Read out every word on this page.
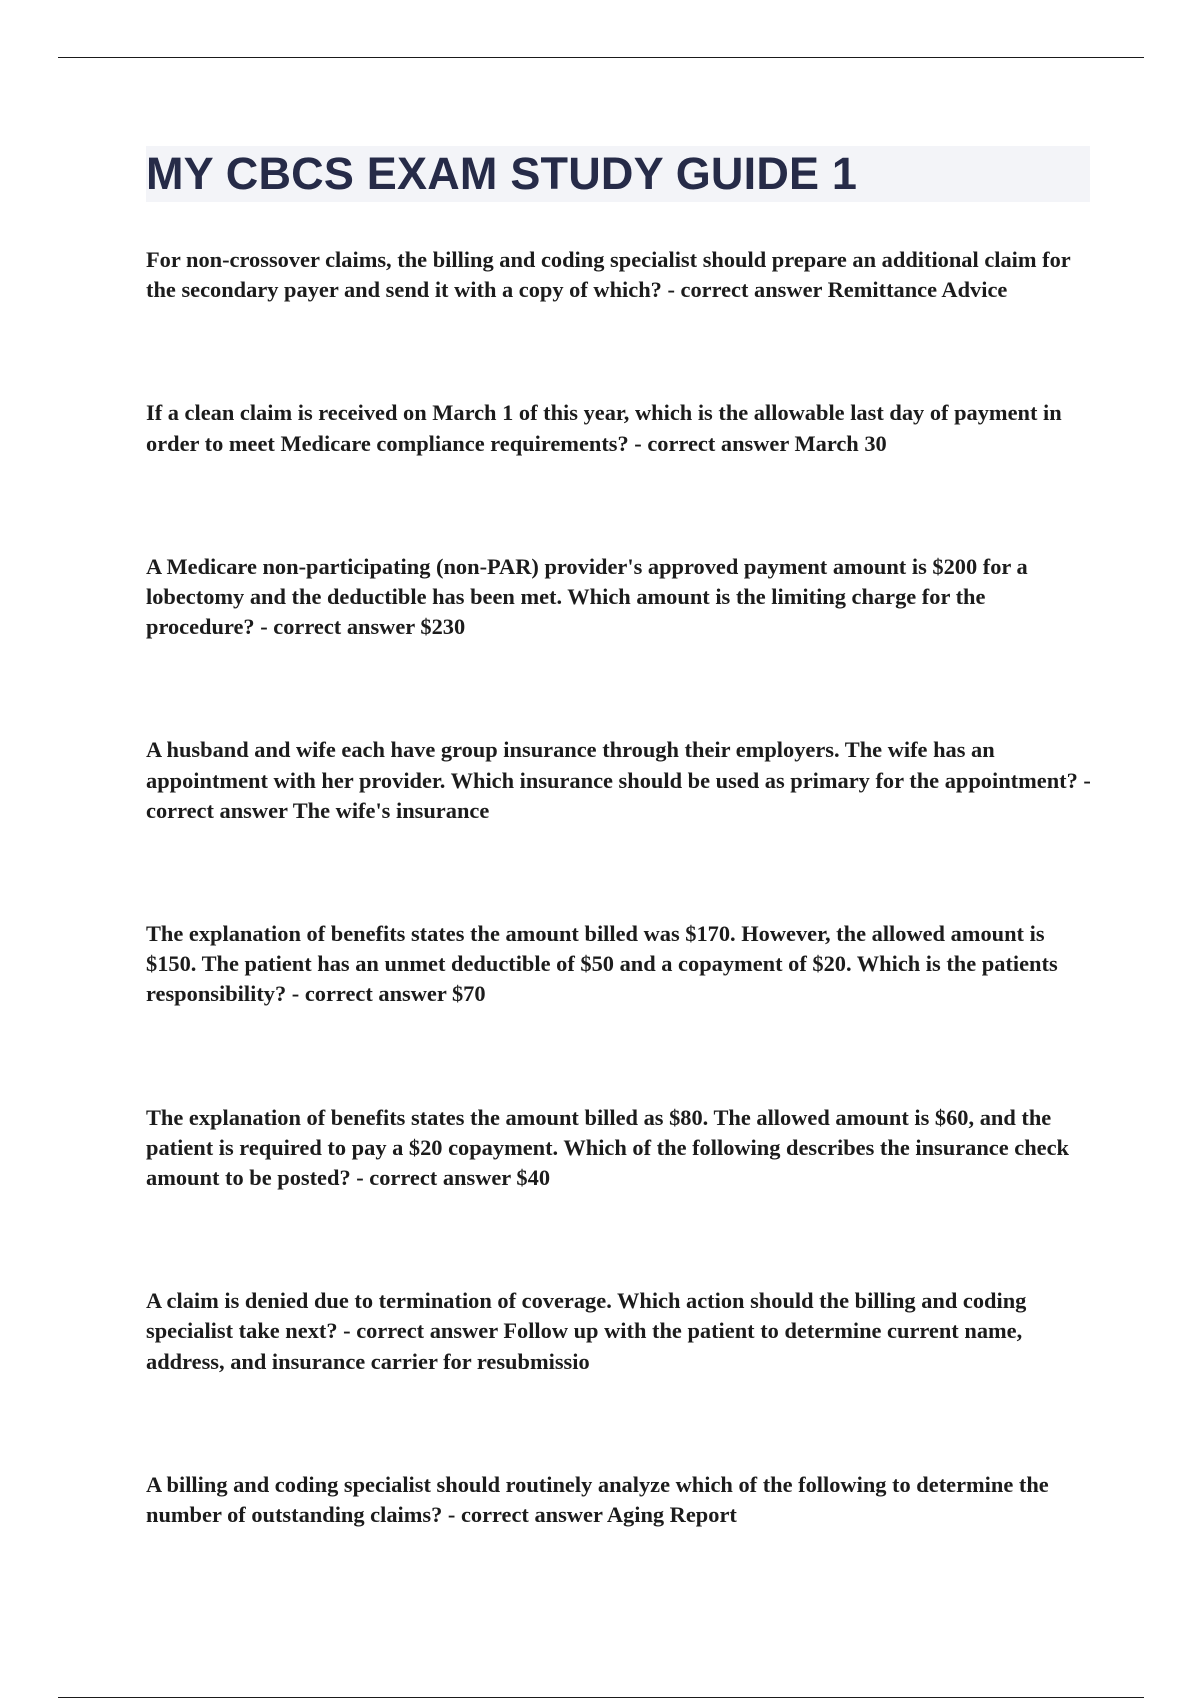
MY CBCS EXAM STUDY GUIDE 1
For non-crossover claims, the billing and coding specialist should prepare an additional claim for the secondary payer and send it with a copy of which? - correct answer Remittance Advice
If a clean claim is received on March 1 of this year, which is the allowable last day of payment in order to meet Medicare compliance requirements? - correct answer March 30
A Medicare non-participating (non-PAR) provider's approved payment amount is $200 for a lobectomy and the deductible has been met. Which amount is the limiting charge for the procedure? - correct answer $230
A husband and wife each have group insurance through their employers. The wife has an appointment with her provider. Which insurance should be used as primary for the appointment? - correct answer The wife's insurance
The explanation of benefits states the amount billed was $170. However, the allowed amount is $150. The patient has an unmet deductible of $50 and a copayment of $20. Which is the patients responsibility? - correct answer $70
The explanation of benefits states the amount billed as $80. The allowed amount is $60, and the patient is required to pay a $20 copayment. Which of the following describes the insurance check amount to be posted? - correct answer $40
A claim is denied due to termination of coverage. Which action should the billing and coding specialist take next? - correct answer Follow up with the patient to determine current name, address, and insurance carrier for resubmissio
A billing and coding specialist should routinely analyze which of the following to determine the number of outstanding claims? - correct answer Aging Report
